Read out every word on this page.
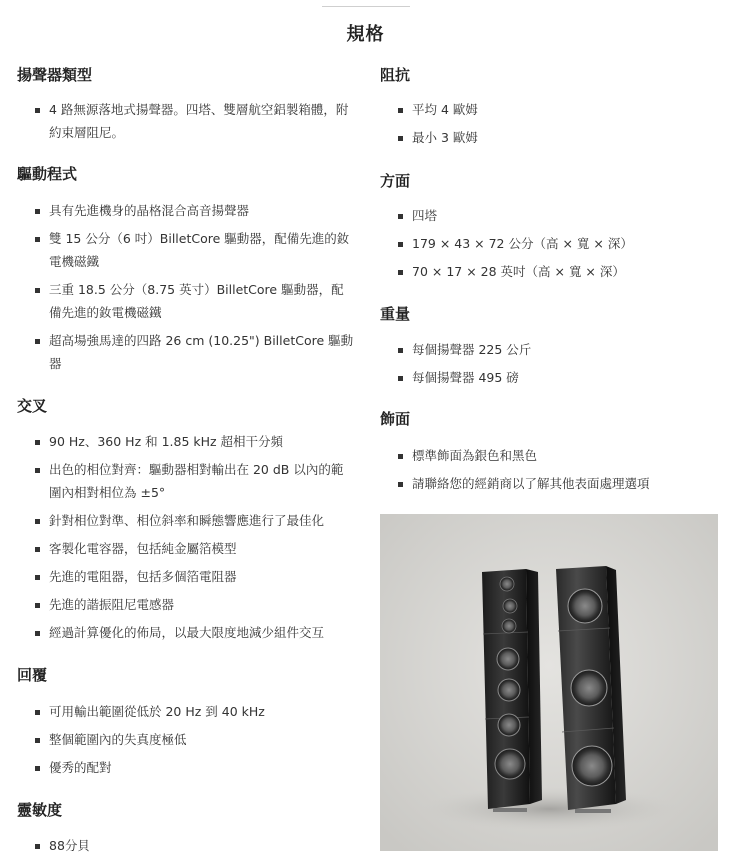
規格
揚聲器類型
4 路無源落地式揚聲器。四塔、雙層航空鋁製箱體，附約束層阻尼。
驅動程式
具有先進機身的晶格混合高音揚聲器
雙 15 公分（6 吋）BilletCore 驅動器，配備先進的釹電機磁鐵
三重 18.5 公分（8.75 英寸）BilletCore 驅動器，配備先進的釹電機磁鐵
超高場強馬達的四路 26 cm (10.25") BilletCore 驅動器
交叉
90 Hz、360 Hz 和 1.85 kHz 超相干分頻
出色的相位對齊：驅動器相對輸出在 20 dB 以內的範圍內相對相位為 ±5°
針對相位對準、相位斜率和瞬態響應進行了最佳化
客製化電容器，包括純金屬箔模型
先進的電阻器，包括多個箔電阻器
先進的諧振阻尼電感器
經過計算優化的佈局，以最大限度地減少組件交互
回覆
可用輸出範圍從低於 20 Hz 到 40 kHz
整個範圍內的失真度極低
優秀的配對
靈敏度
88分貝
阻抗
平均 4 歐姆
最小 3 歐姆
方面
四塔
179 × 43 × 72 公分（高 × 寬 × 深）
70 × 17 × 28 英吋（高 × 寬 × 深）
重量
每個揚聲器 225 公斤
每個揚聲器 495 磅
飾面
標準飾面為銀色和黑色
請聯絡您的經銷商以了解其他表面處理選項
